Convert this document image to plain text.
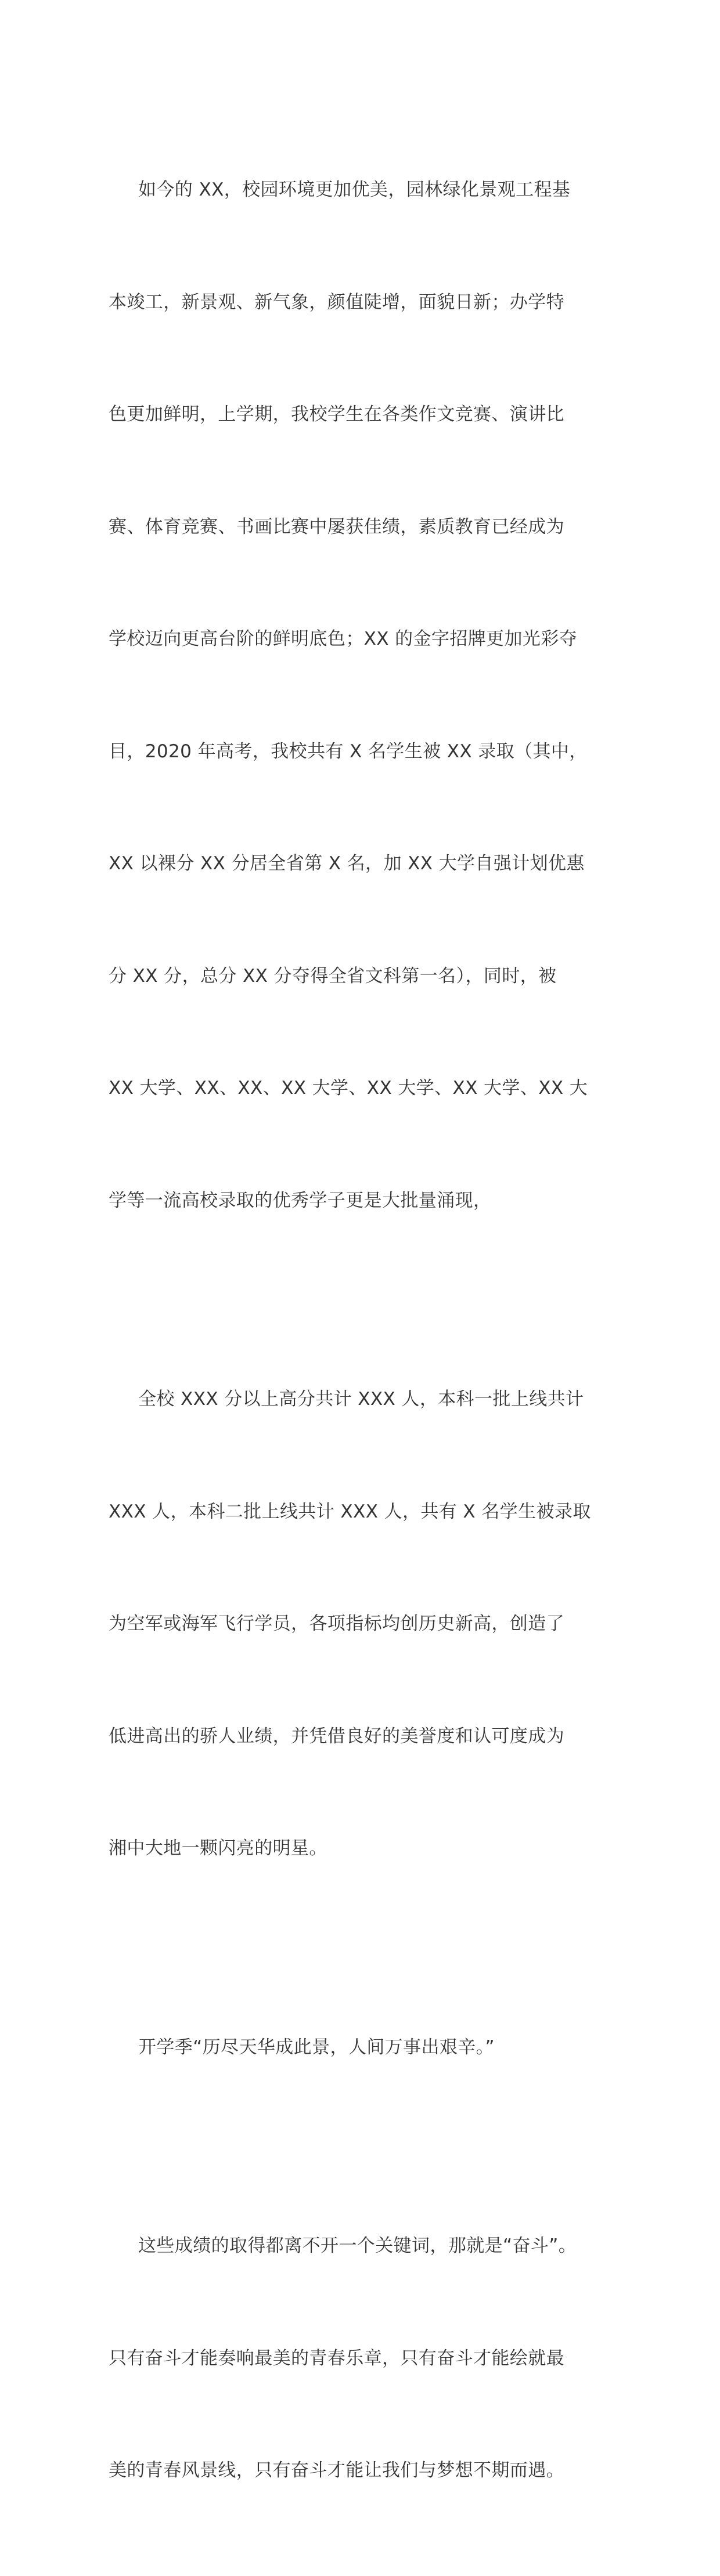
如今的 XX，校园环境更加优美，园林绿化景观工程基

本竣工，新景观、新气象，颜值陡增，面貌日新；办学特

色更加鲜明，上学期，我校学生在各类作文竞赛、演讲比

赛、体育竞赛、书画比赛中屡获佳绩，素质教育已经成为

学校迈向更高台阶的鲜明底色；XX 的金字招牌更加光彩夺

目，2020 年高考，我校共有 X 名学生被 XX 录取（其中，

XX 以裸分 XX 分居全省第 X 名，加 XX 大学自强计划优惠

分 XX 分，总分 XX 分夺得全省文科第一名），同时，被

XX 大学、XX、XX、XX 大学、XX 大学、XX 大学、XX 大

学等一流高校录取的优秀学子更是大批量涌现，

全校 XXX 分以上高分共计 XXX 人，本科一批上线共计

XXX 人，本科二批上线共计 XXX 人，共有 X 名学生被录取

为空军或海军飞行学员，各项指标均创历史新高，创造了

低进高出的骄人业绩，并凭借良好的美誉度和认可度成为

湘中大地一颗闪亮的明星。

开学季“历尽天华成此景，人间万事出艰辛。”

这些成绩的取得都离不开一个关键词，那就是“奋斗”。

只有奋斗才能奏响最美的青春乐章，只有奋斗才能绘就最

美的青春风景线，只有奋斗才能让我们与梦想不期而遇。
